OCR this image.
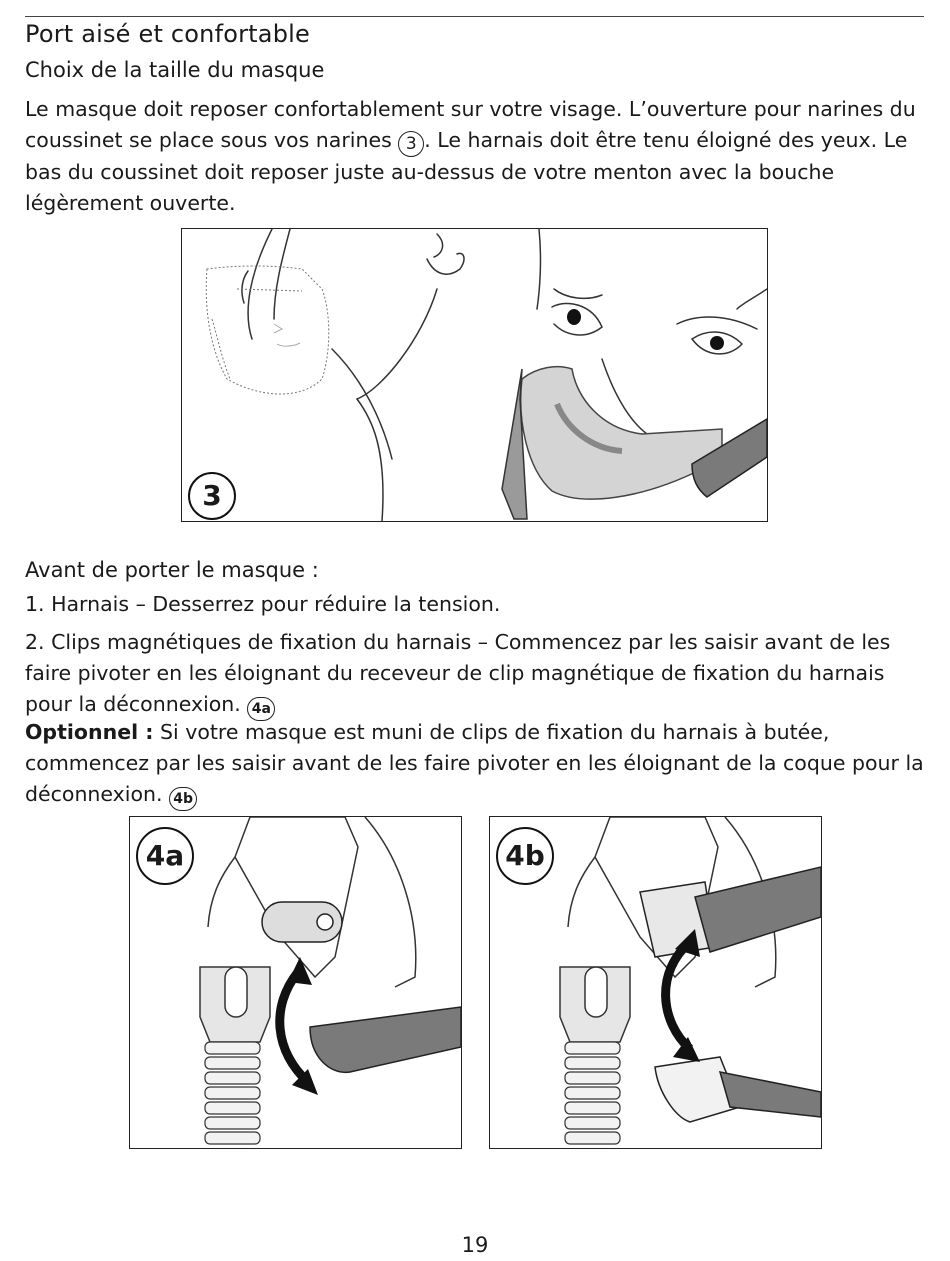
Port aisé et confortable
Choix de la taille du masque
Le masque doit reposer confortablement sur votre visage. L’ouverture pour narines du coussinet se place sous vos narines 3 . Le harnais doit être tenu éloigné des yeux. Le bas du coussinet doit reposer juste au-dessus de votre menton avec la bouche légèrement ouverte.
3
Avant de porter le masque :
1. Harnais – Desserrez pour réduire la tension.
2. Clips magnétiques de fixation du harnais – Commencez par les saisir avant de les faire pivoter en les éloignant du receveur de clip magnétique de fixation du harnais pour la déconnexion. 4a
Optionnel : Si votre masque est muni de clips de fixation du harnais à butée, commencez par les saisir avant de les faire pivoter en les éloignant de la coque pour la déconnexion. 4b
4a	4b
19
